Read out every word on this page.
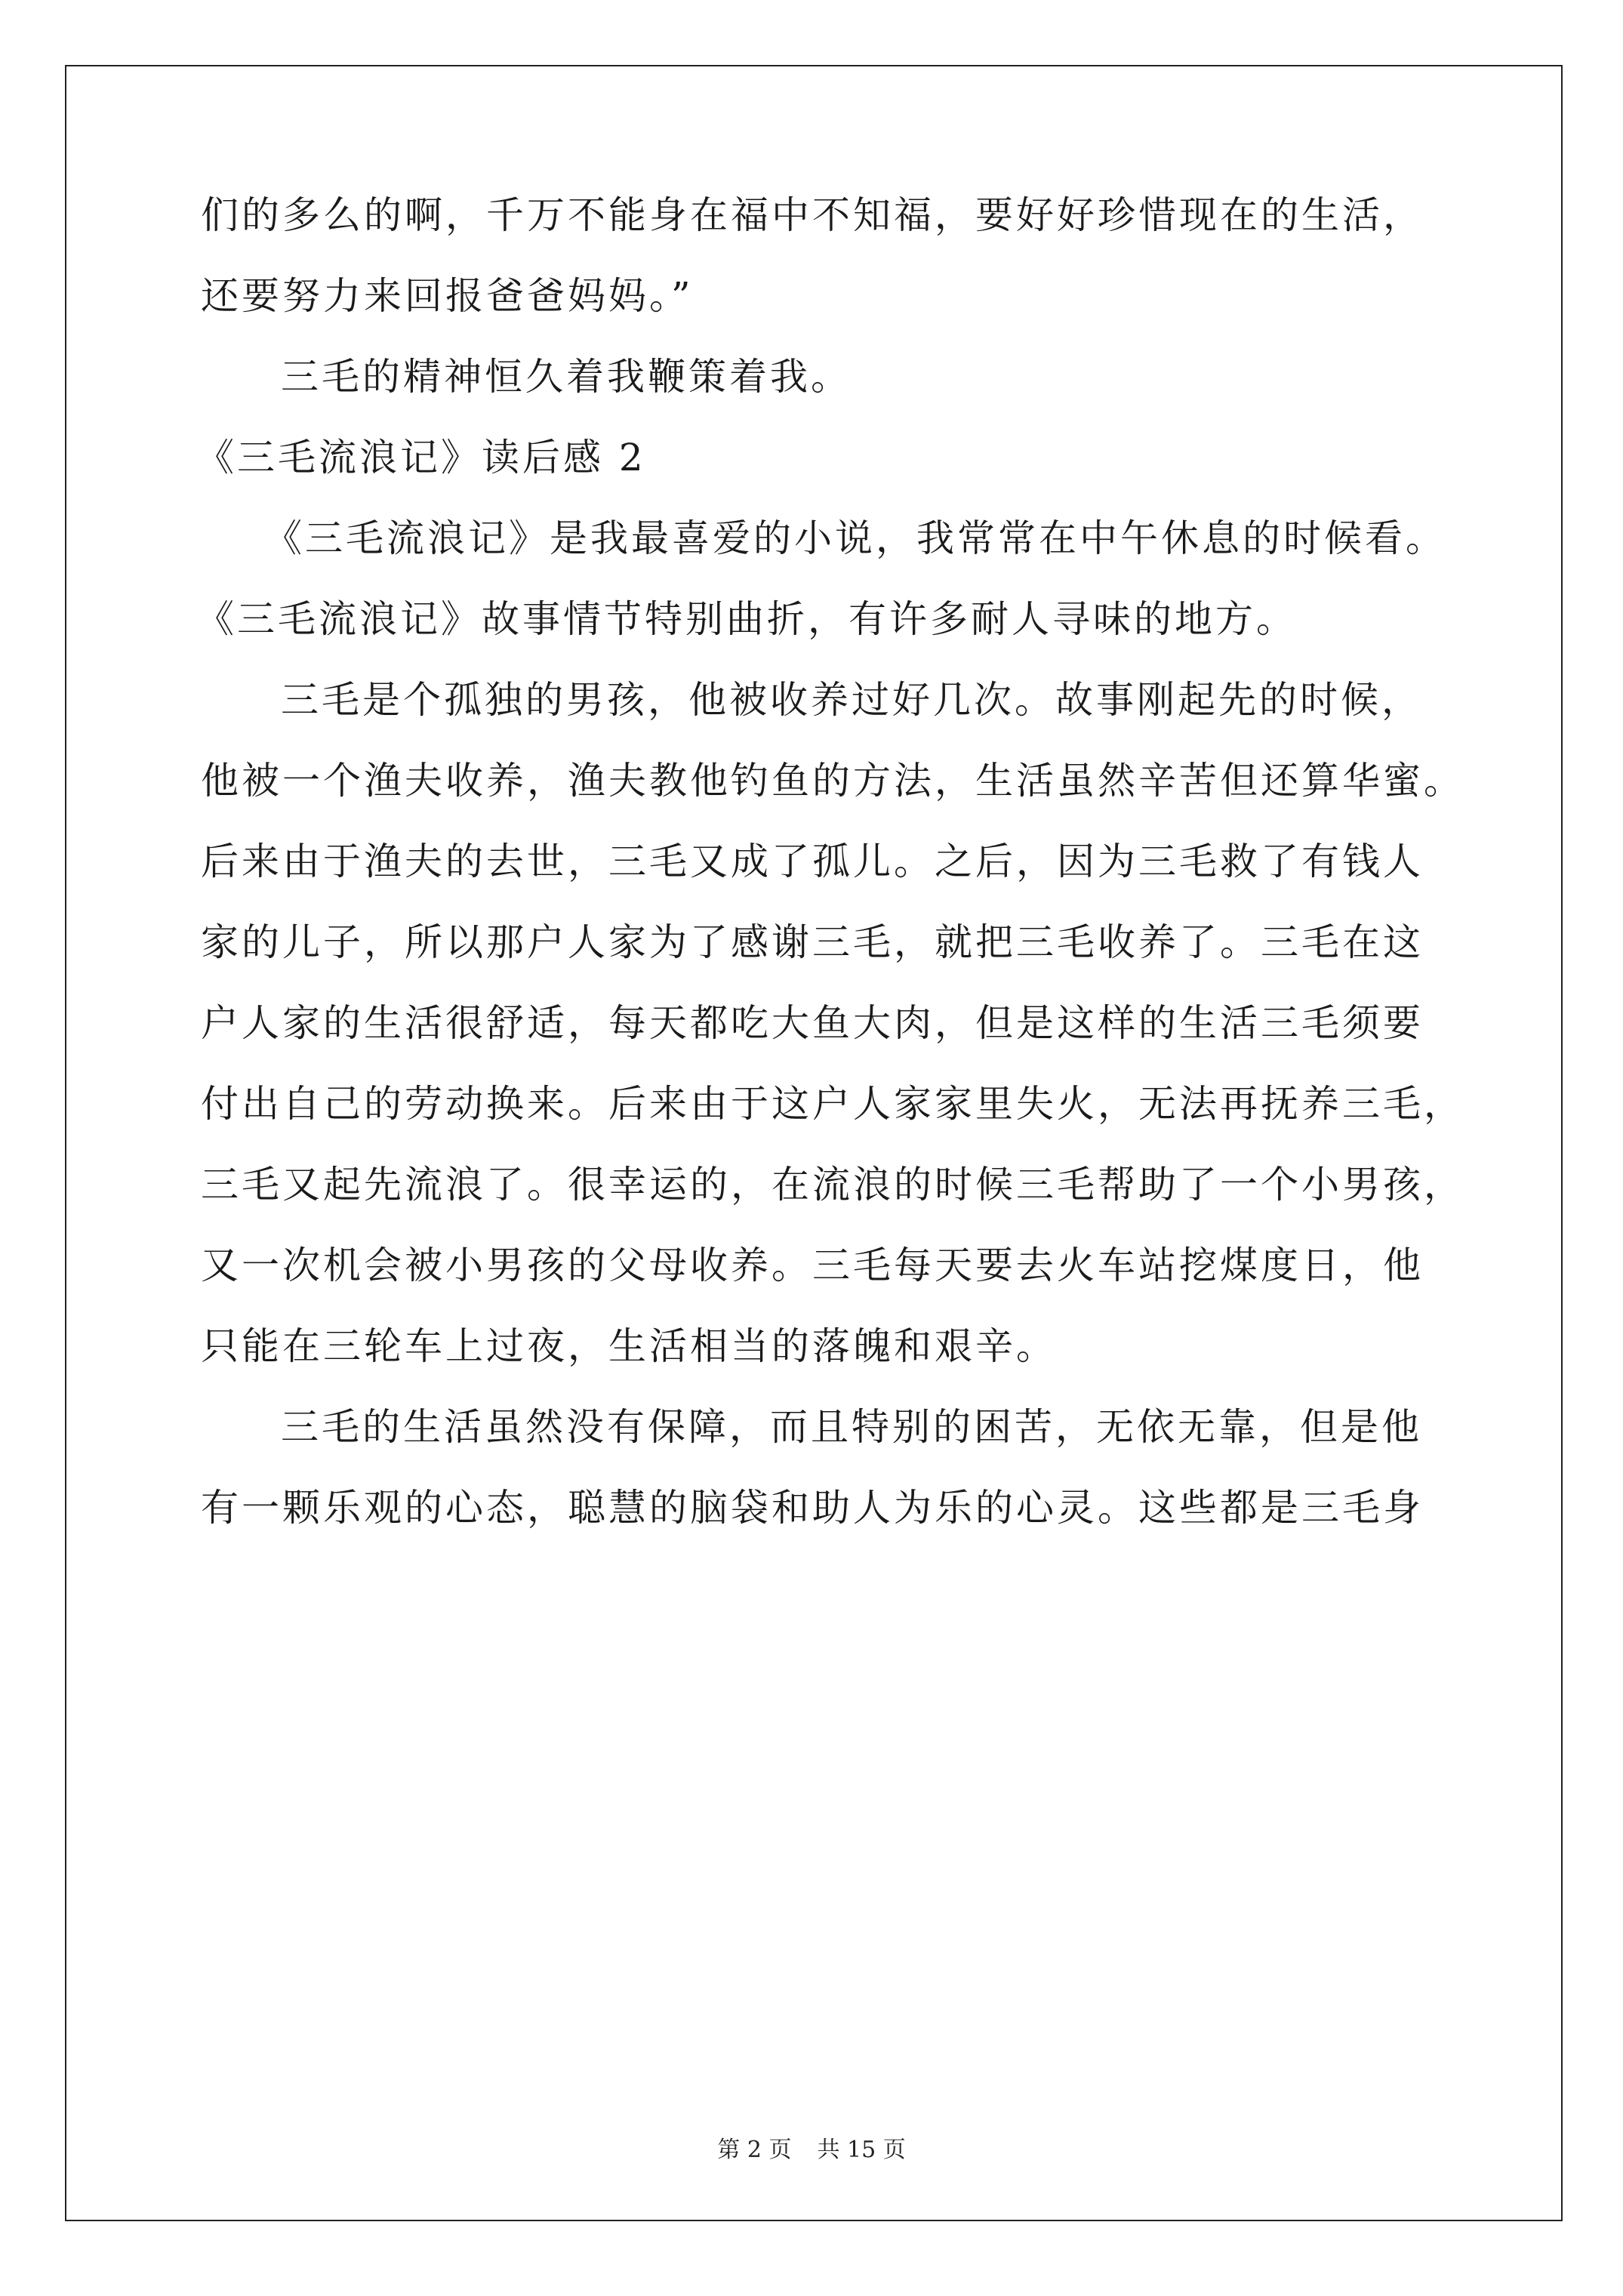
们的多么的啊，千万不能身在福中不知福，要好好珍惜现在的生活，
还要努力来回报爸爸妈妈。”
三毛的精神恒久着我鞭策着我。
《三毛流浪记》读后感 2
《三毛流浪记》是我最喜爱的小说，我常常在中午休息的时候看。
《三毛流浪记》故事情节特别曲折，有许多耐人寻味的地方。
三毛是个孤独的男孩，他被收养过好几次。故事刚起先的时候，
他被一个渔夫收养，渔夫教他钓鱼的方法，生活虽然辛苦但还算华蜜。
后来由于渔夫的去世，三毛又成了孤儿。之后，因为三毛救了有钱人
家的儿子，所以那户人家为了感谢三毛，就把三毛收养了。三毛在这
户人家的生活很舒适，每天都吃大鱼大肉，但是这样的生活三毛须要
付出自己的劳动换来。后来由于这户人家家里失火，无法再抚养三毛，
三毛又起先流浪了。很幸运的，在流浪的时候三毛帮助了一个小男孩，
又一次机会被小男孩的父母收养。三毛每天要去火车站挖煤度日，他
只能在三轮车上过夜，生活相当的落魄和艰辛。
三毛的生活虽然没有保障，而且特别的困苦，无依无靠，但是他
有一颗乐观的心态，聪慧的脑袋和助人为乐的心灵。这些都是三毛身
第 2 页 共 15 页
